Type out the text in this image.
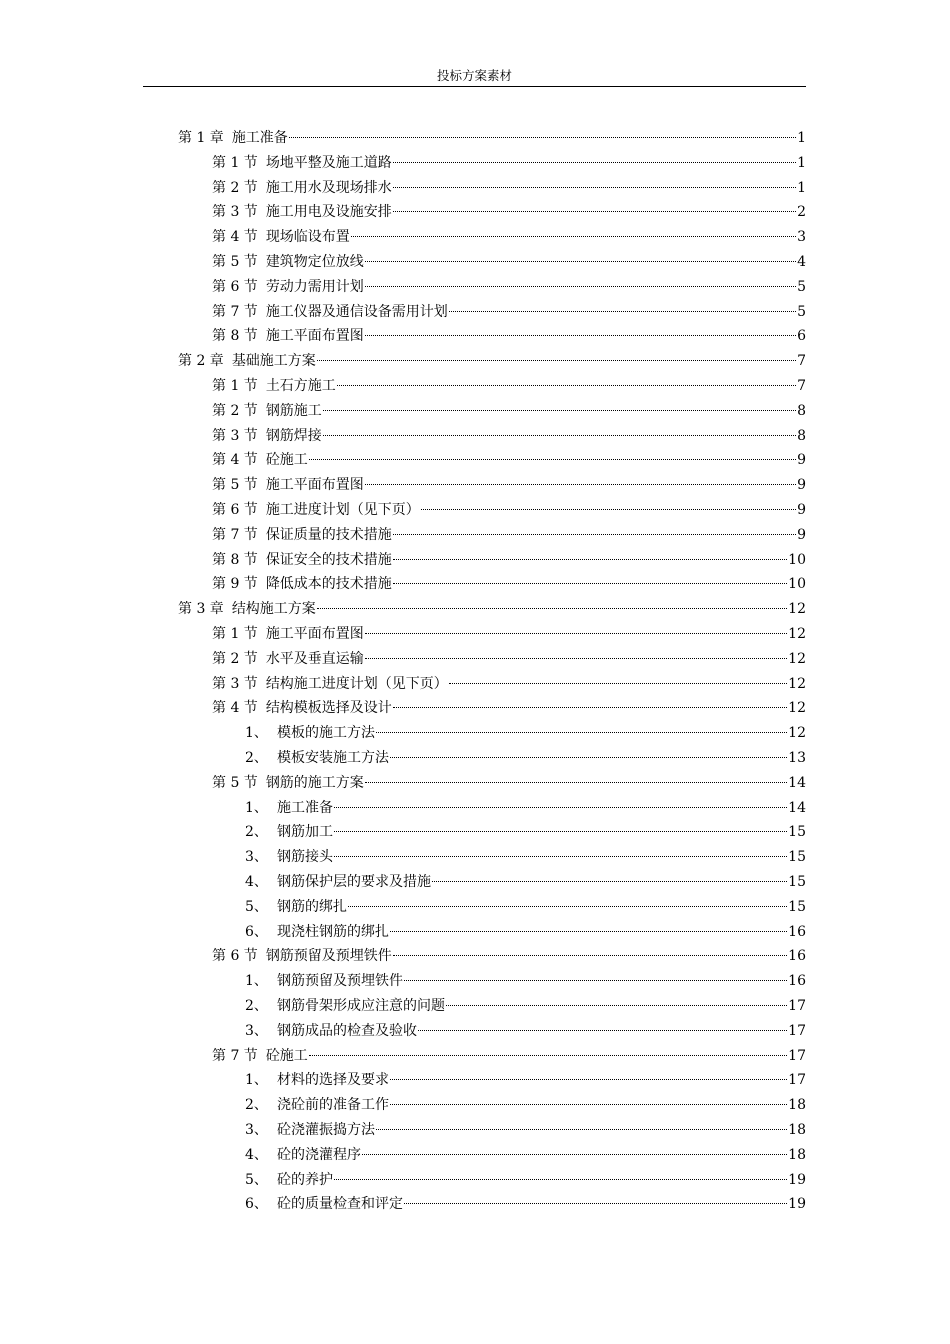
投标方案素材
第 1 章 施工准备	1
第 1 节 场地平整及施工道路	1
第 2 节 施工用水及现场排水	1
第 3 节 施工用电及设施安排	2
第 4 节 现场临设布置	3
第 5 节 建筑物定位放线	4
第 6 节 劳动力需用计划	5
第 7 节 施工仪器及通信设备需用计划	5
第 8 节 施工平面布置图	6
第 2 章 基础施工方案	7
第 1 节 土石方施工	7
第 2 节 钢筋施工	8
第 3 节 钢筋焊接	8
第 4 节 砼施工	9
第 5 节 施工平面布置图	9
第 6 节 施工进度计划（见下页）	9
第 7 节 保证质量的技术措施	9
第 8 节 保证安全的技术措施	10
第 9 节 降低成本的技术措施	10
第 3 章 结构施工方案	12
第 1 节 施工平面布置图	12
第 2 节 水平及垂直运输	12
第 3 节 结构施工进度计划（见下页）	12
第 4 节 结构模板选择及设计	12
1、 模板的施工方法	12
2、 模板安装施工方法	13
第 5 节 钢筋的施工方案	14
1、 施工准备	14
2、 钢筋加工	15
3、 钢筋接头	15
4、 钢筋保护层的要求及措施	15
5、 钢筋的绑扎	15
6、 现浇柱钢筋的绑扎	16
第 6 节 钢筋预留及预埋铁件	16
1、 钢筋预留及预埋铁件	16
2、 钢筋骨架形成应注意的问题	17
3、 钢筋成品的检查及验收	17
第 7 节 砼施工	17
1、 材料的选择及要求	17
2、 浇砼前的准备工作	18
3、 砼浇灌振捣方法	18
4、 砼的浇灌程序	18
5、 砼的养护	19
6、 砼的质量检查和评定	19
